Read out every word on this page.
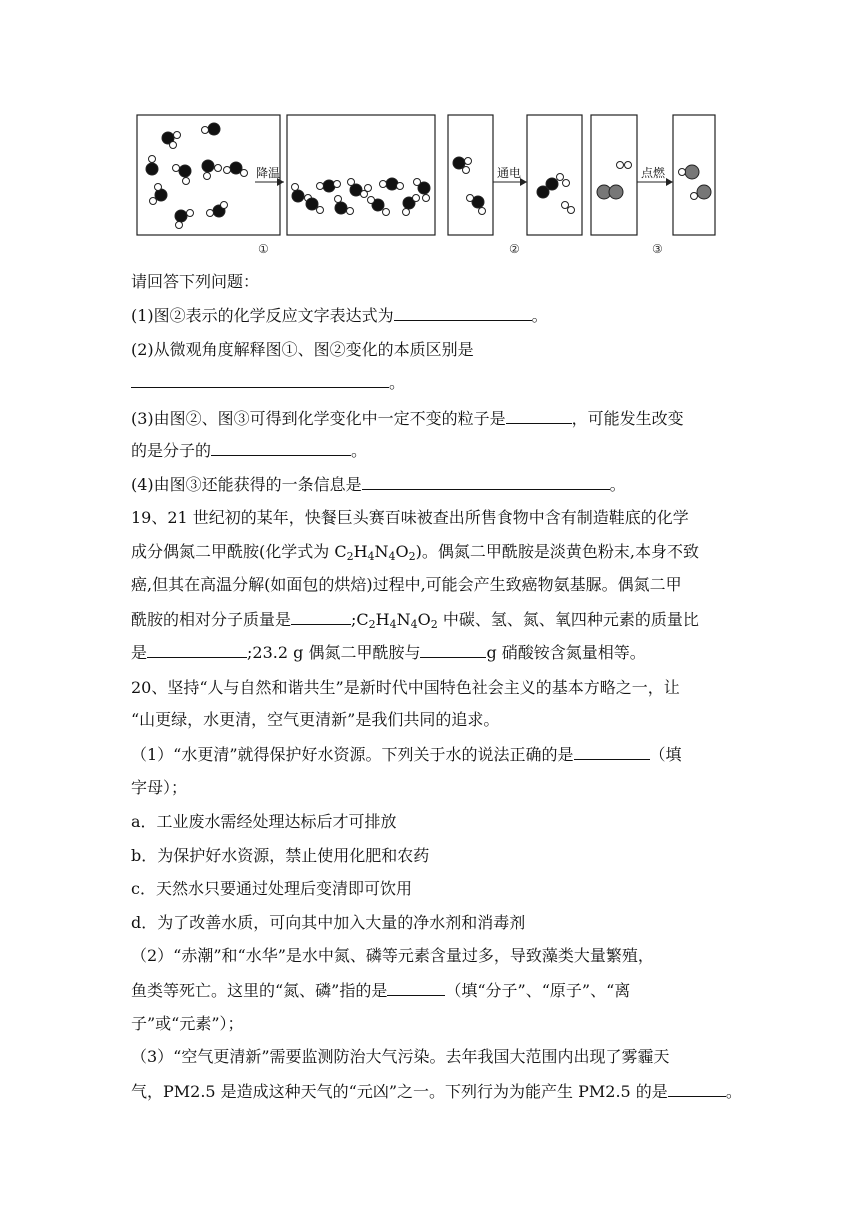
降温
①
通电
②
点燃
③
请回答下列问题：
(1)图②表示的化学反应文字表达式为	。
(2)从微观角度解释图①、图②变化的本质区别是
。
(3)由图②、图③可得到化学变化中一定不变的粒子是	，可能发生改变
的是分子的	。
(4)由图③还能获得的一条信息是	。
19、21 世纪初的某年，快餐巨头赛百味被查出所售食物中含有制造鞋底的化学
成分偶氮二甲酰胺(化学式为 $C_2H_4N_4O_2$)。偶氮二甲酰胺是淡黄色粉末,本身不致
癌,但其在高温分解(如面包的烘焙)过程中,可能会产生致癌物氨基脲。偶氮二甲
酰胺的相对分子质量是	$;C_2H_4N_4O_2$ 中碳、氢、氮、氧四种元素的质量比
是	;23.2 g 偶氮二甲酰胺与	g 硝酸铵含氮量相等。
20、坚持“人与自然和谐共生”是新时代中国特色社会主义的基本方略之一，让
“山更绿，水更清，空气更清新”是我们共同的追求。
（1）“水更清”就得保护好水资源。下列关于水的说法正确的是	（填
字母）；
a．工业废水需经处理达标后才可排放
b．为保护好水资源，禁止使用化肥和农药
c．天然水只要通过处理后变清即可饮用
d．为了改善水质，可向其中加入大量的净水剂和消毒剂
（2）“赤潮”和“水华”是水中氮、磷等元素含量过多，导致藻类大量繁殖，
鱼类等死亡。这里的“氮、磷”指的是	（填“分子”、“原子”、“离
子”或“元素”）；
（3）“空气更清新”需要监测防治大气污染。去年我国大范围内出现了雾霾天
气，PM2.5 是造成这种天气的“元凶”之一。下列行为为能产生 PM2.5 的是	。
